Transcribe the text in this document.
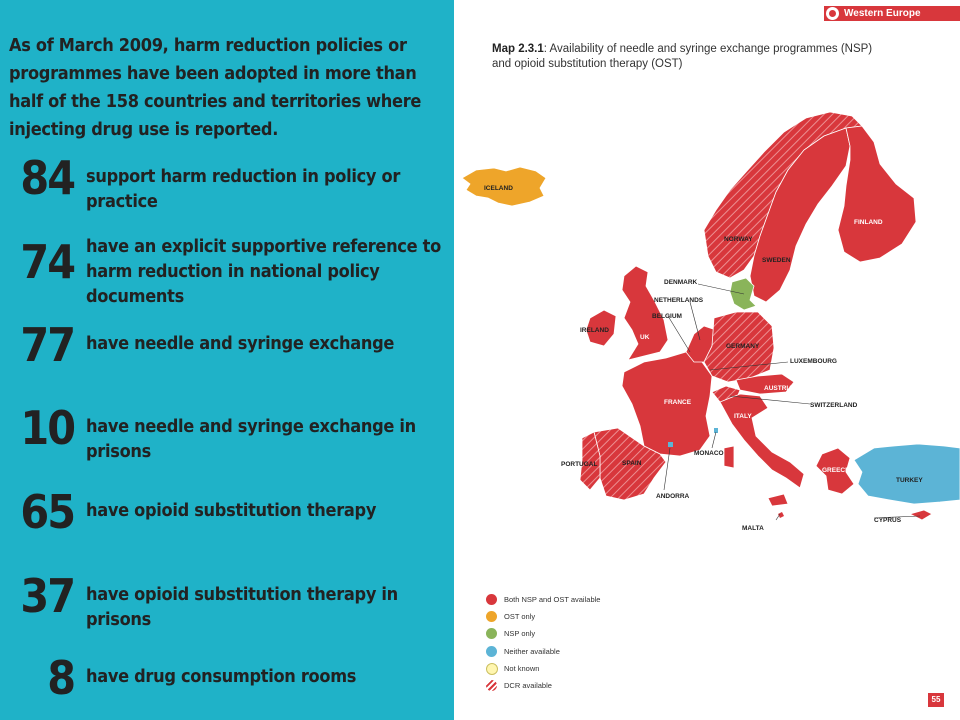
As of March 2009, harm reduction policies or programmes have been adopted in more than half of the 158 countries and territories where injecting drug use is reported.

84 support harm reduction in policy or practice
74 have an explicit supportive reference to harm reduction in national policy documents
77 have needle and syringe exchange
10 have needle and syringe exchange in prisons
65 have opioid substitution therapy
37 have opioid substitution therapy in prisons
8 have drug consumption rooms
Western Europe
Map 2.3.1: Availability of needle and syringe exchange programmes (NSP) and opioid substitution therapy (OST)
ICELAND
NORWAY
SWEDEN
FINLAND
DENMARK
NETHERLANDS
BELGIUM
IRELAND
UK
GERMANY
LUXEMBOURG
FRANCE
AUSTRIA
SWITZERLAND
ITALY
MONACO
PORTUGAL	SPAIN
ANDORRA
MALTA
GREECE
TURKEY
CYPRUS
Both NSP and OST available
OST only
NSP only
Neither available
Not known
DCR available
55
